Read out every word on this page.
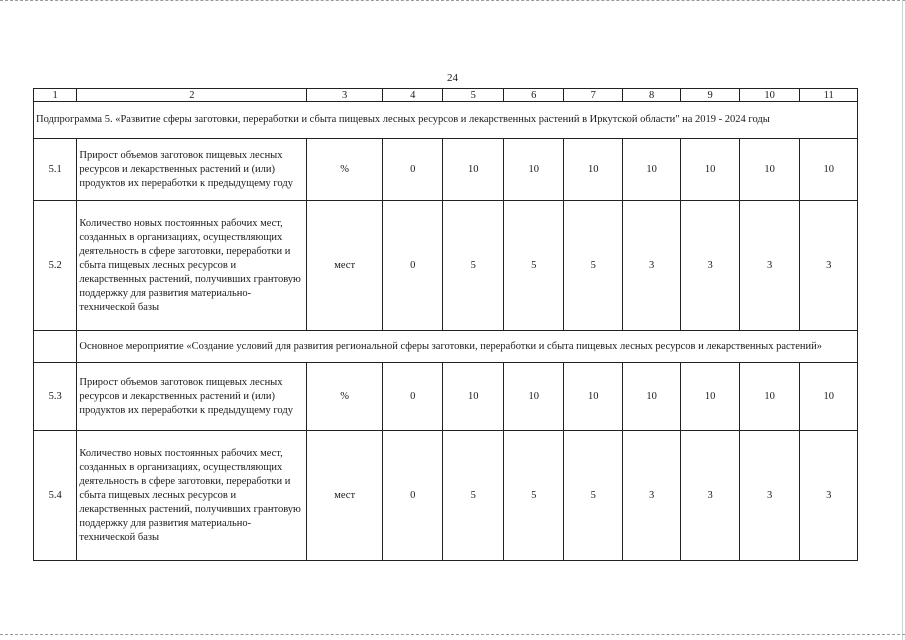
24
1	2	3	4	5	6	7	8	9	10	11
Подпрограмма 5. «Развитие сферы заготовки, переработки и сбыта пищевых лесных ресурсов и лекарственных растений в Иркутской области" на 2019 - 2024 годы										
5.1	Прирост объемов заготовок пищевых лесных ресурсов и лекарственных растений и (или) продуктов их переработки к предыдущему году	%	0	10	10	10	10	10	10	10
5.2	Количество новых постоянных рабочих мест, созданных в организациях, осуществляющих деятельность в сфере заготовки, переработки и сбыта пищевых лесных ресурсов и лекарственных растений, получивших грантовую поддержку для развития материально-технической базы	мест	0	5	5	5	3	3	3	3
	Основное мероприятие «Создание условий для развития региональной сферы заготовки, переработки и сбыта пищевых лесных ресурсов и лекарственных растений»									
5.3	Прирост объемов заготовок пищевых лесных ресурсов и лекарственных растений и (или) продуктов их переработки к предыдущему году	%	0	10	10	10	10	10	10	10
5.4	Количество новых постоянных рабочих мест, созданных в организациях, осуществляющих деятельность в сфере заготовки, переработки и сбыта пищевых лесных ресурсов и лекарственных растений, получивших грантовую поддержку для развития материально-технической базы	мест	0	5	5	5	3	3	3	3
